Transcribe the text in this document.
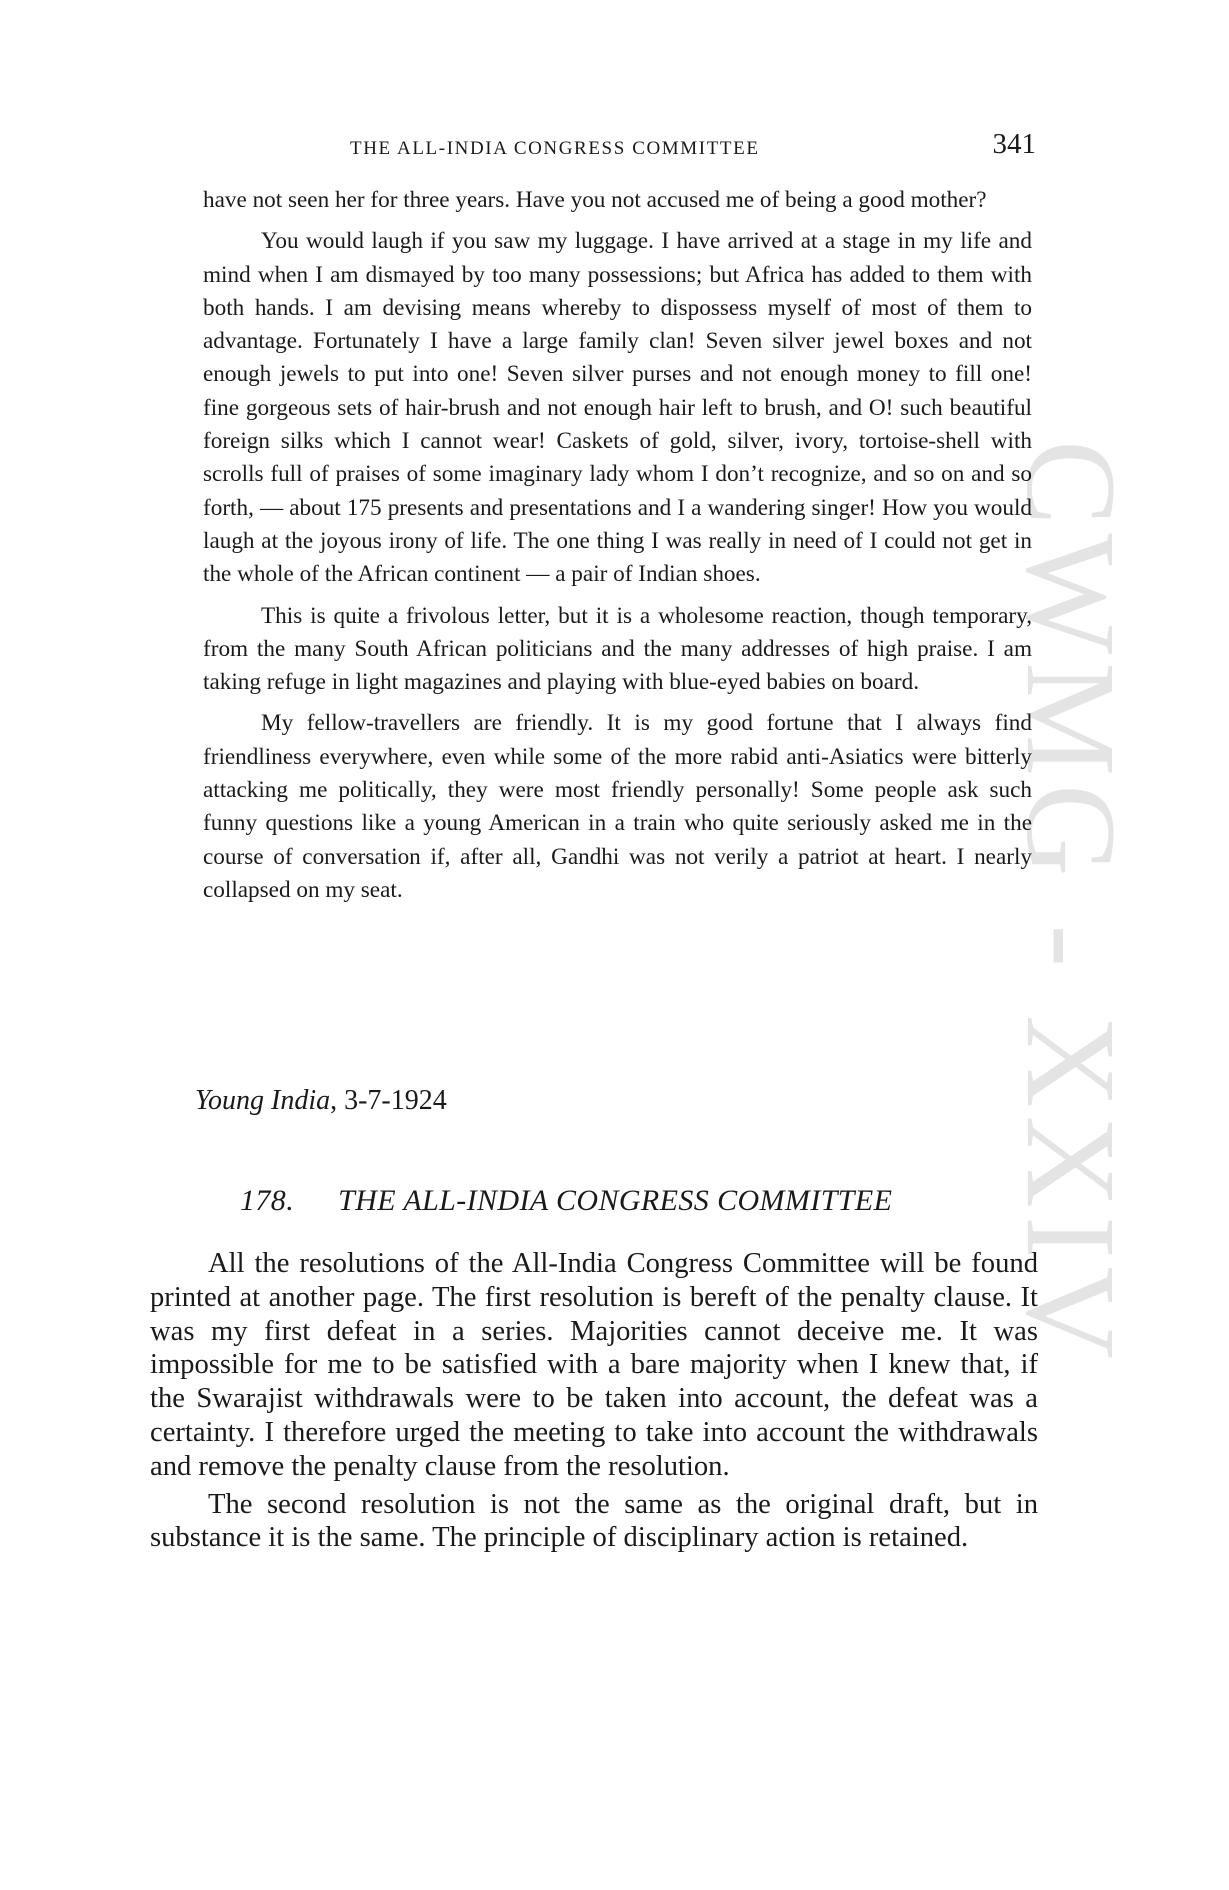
CWMG - XXIV
THE ALL-INDIA CONGRESS COMMITTEE	341

have not seen her for three years. Have you not accused me of being a good mother?

You would laugh if you saw my luggage. I have arrived at a stage in my life and mind when I am dismayed by too many possessions; but Africa has added to them with both hands. I am devising means whereby to dispossess myself of most of them to advantage. Fortunately I have a large family clan! Seven silver jewel boxes and not enough jewels to put into one! Seven silver purses and not enough money to fill one! fine gorgeous sets of hair-brush and not enough hair left to brush, and O! such beautiful foreign silks which I cannot wear! Caskets of gold, silver, ivory, tortoise-shell with scrolls full of praises of some imaginary lady whom I don’t recognize, and so on and so forth, — about 175 presents and presentations and I a wandering singer! How you would laugh at the joyous irony of life. The one thing I was really in need of I could not get in the whole of the African continent — a pair of Indian shoes.

This is quite a frivolous letter, but it is a wholesome reaction, though temporary, from the many South African politicians and the many addresses of high praise. I am taking refuge in light magazines and playing with blue-eyed babies on board.

My fellow-travellers are friendly. It is my good fortune that I always find friendliness everywhere, even while some of the more rabid anti-Asiatics were bitterly attacking me politically, they were most friendly personally! Some people ask such funny questions like a young American in a train who quite seriously asked me in the course of conversation if, after all, Gandhi was not verily a patriot at heart. I nearly collapsed on my seat.

Young India, 3-7-1924
178. THE ALL-INDIA CONGRESS COMMITTEE

All the resolutions of the All-India Congress Committee will be found printed at another page. The first resolution is bereft of the penalty clause. It was my first defeat in a series. Majorities cannot deceive me. It was impossible for me to be satisfied with a bare majority when I knew that, if the Swarajist withdrawals were to be taken into account, the defeat was a certainty. I therefore urged the meeting to take into account the withdrawals and remove the penalty clause from the resolution.

The second resolution is not the same as the original draft, but in substance it is the same. The principle of disciplinary action is retained.
